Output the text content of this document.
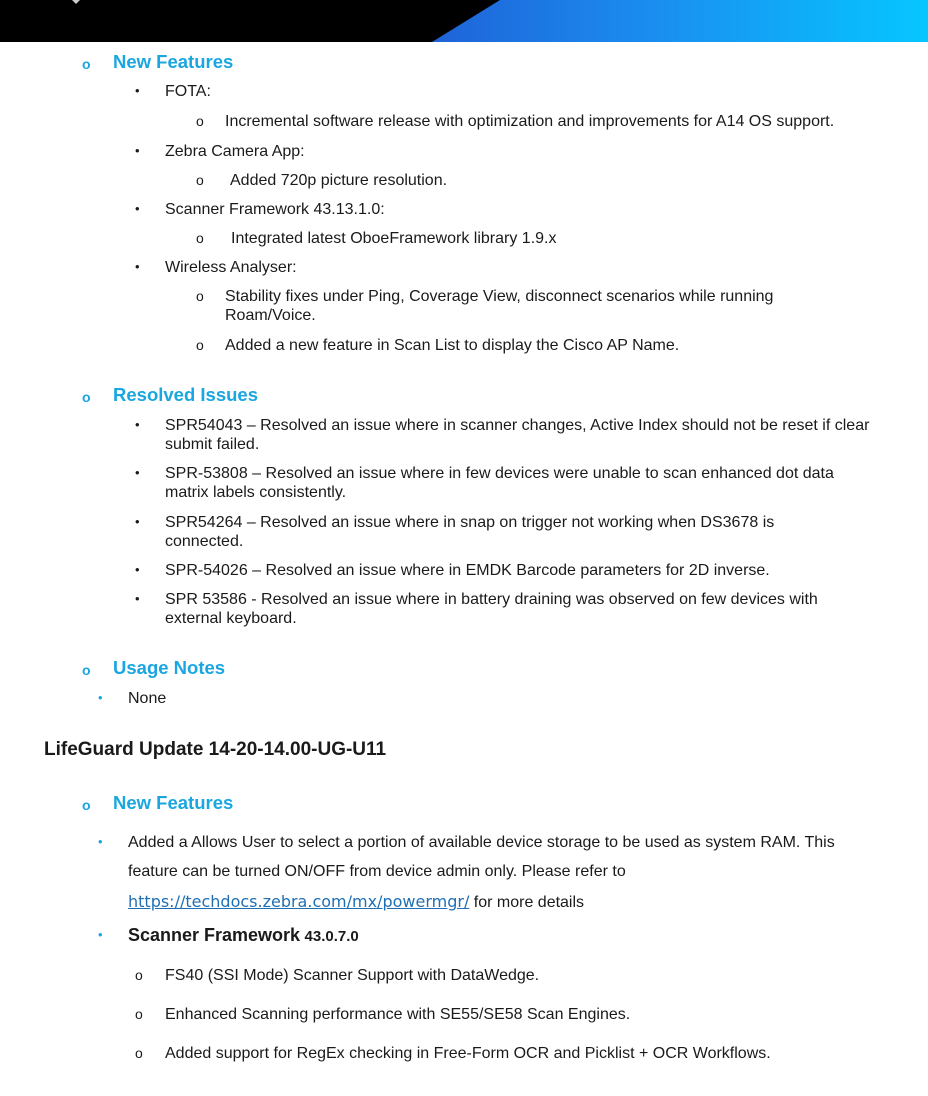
o New Features
• FOTA:
o Incremental software release with optimization and improvements for A14 OS support.
• Zebra Camera App:
o Added 720p picture resolution.
• Scanner Framework 43.13.1.0:
o Integrated latest OboeFramework library 1.9.x
• Wireless Analyser:
o Stability fixes under Ping, Coverage View, disconnect scenarios while running Roam/Voice.
o Added a new feature in Scan List to display the Cisco AP Name.
o Resolved Issues
• SPR54043 – Resolved an issue where in scanner changes, Active Index should not be reset if clear submit failed.
• SPR-53808 – Resolved an issue where in few devices were unable to scan enhanced dot data matrix labels consistently.
• SPR54264 – Resolved an issue where in snap on trigger not working when DS3678 is connected.
• SPR-54026 – Resolved an issue where in EMDK Barcode parameters for 2D inverse.
• SPR 53586 - Resolved an issue where in battery draining was observed on few devices with external keyboard.
o Usage Notes
• None
LifeGuard Update 14-20-14.00-UG-U11
o New Features
• Added a Allows User to select a portion of available device storage to be used as system RAM. This
feature can be turned ON/OFF from device admin only. Please refer to
https://techdocs.zebra.com/mx/powermgr/ for more details
• Scanner Framework 43.0.7.0
o FS40 (SSI Mode) Scanner Support with DataWedge.
o Enhanced Scanning performance with SE55/SE58 Scan Engines.
o Added support for RegEx checking in Free-Form OCR and Picklist + OCR Workflows.
